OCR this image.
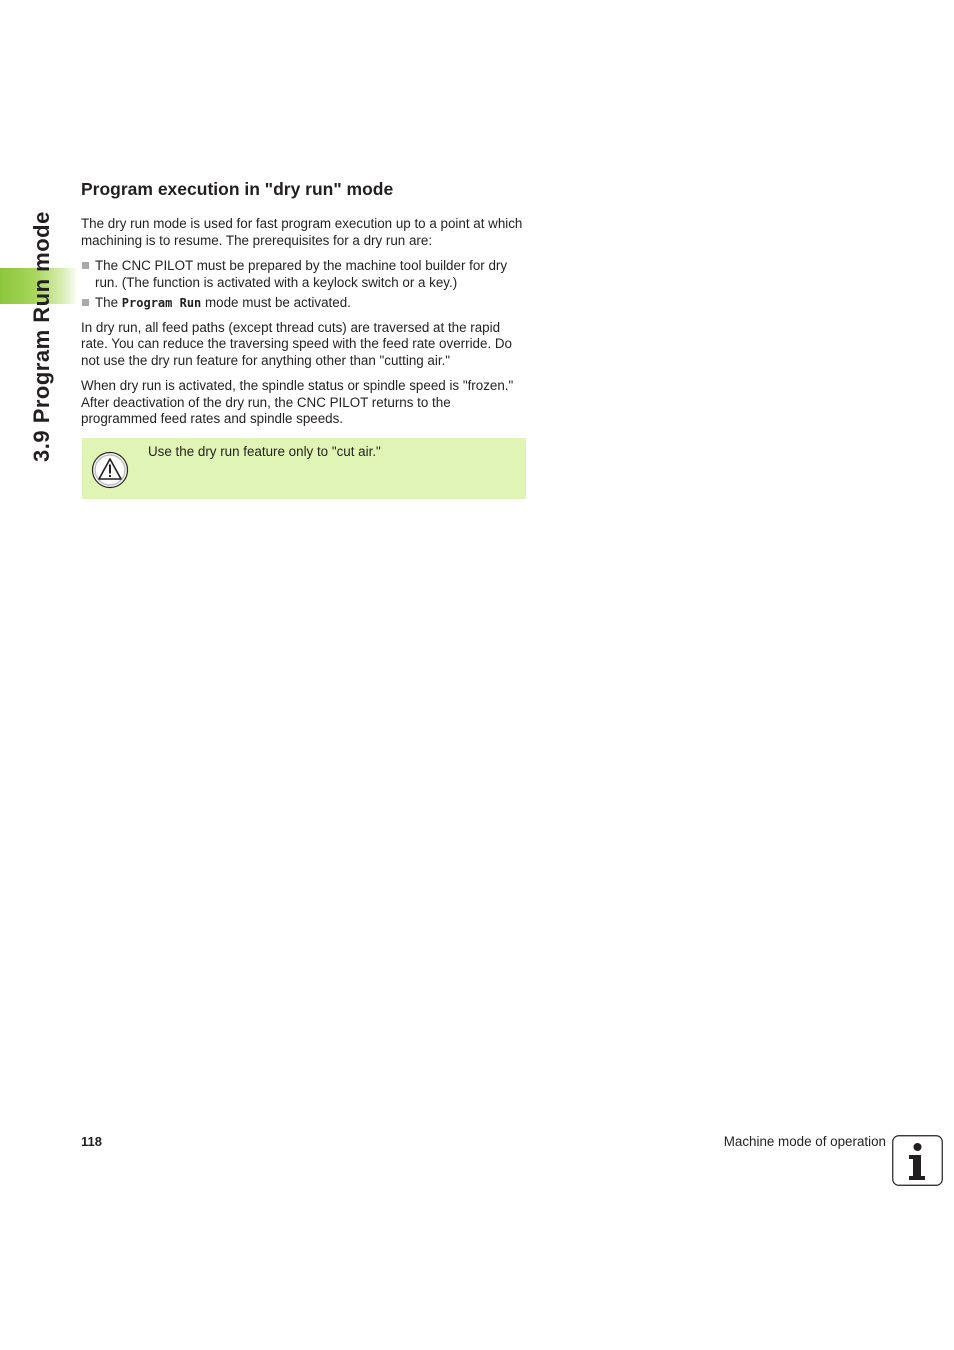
3.9 Program Run mode
Program execution in "dry run" mode

The dry run mode is used for fast program execution up to a point at which machining is to resume. The prerequisites for a dry run are:

The CNC PILOT must be prepared by the machine tool builder for dry run. (The function is activated with a keylock switch or a key.)
The Program Run mode must be activated.

In dry run, all feed paths (except thread cuts) are traversed at the rapid rate. You can reduce the traversing speed with the feed rate override. Do not use the dry run feature for anything other than "cutting air."

When dry run is activated, the spindle status or spindle speed is "frozen." After deactivation of the dry run, the CNC PILOT returns to the programmed feed rates and spindle speeds.

Use the dry run feature only to "cut air."
118	Machine mode of operation
